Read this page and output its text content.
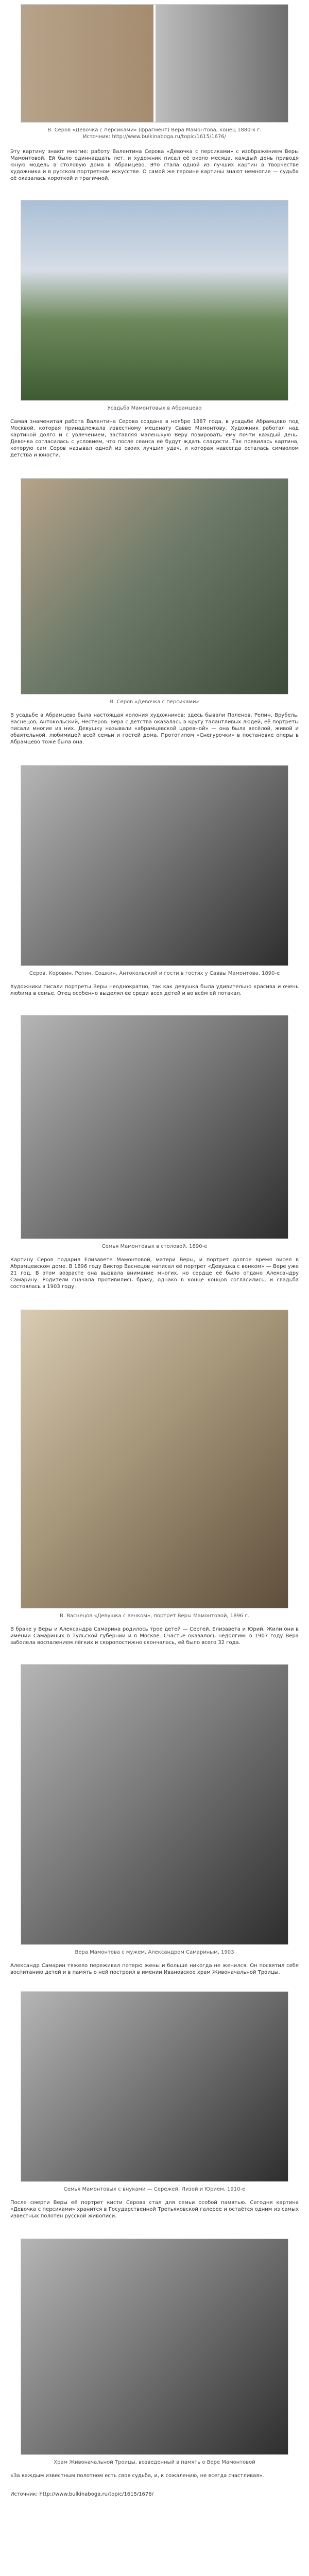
В. Серов «Девочка с персиками» (фрагмент) Вера Мамонтова, конец 1880-х г.
Источник: http://www.bulkinaboga.ru/topic/1615/1676/
Эту картину знают многие: работу Валентина Серова «Девочка с персиками» с изображением Веры Мамонтовой. Ей было одиннадцать лет, и художник писал её около месяца, каждый день приводя юную модель в столовую дома в Абрамцево. Это стала одной из лучших картин в творчестве художника и в русском портретном искусстве. О самой же героине картины знают немногие — судьба её оказалась короткой и трагичной.
Усадьба Мамонтовых в Абрамцево
Самая знаменитая работа Валентина Серова создана в ноябре 1887 года, в усадьбе Абрамцево под Москвой, которая принадлежала известному меценату Савве Мамонтову. Художник работал над картиной долго и с увлечением, заставляя маленькую Веру позировать ему почти каждый день. Девочка согласилась с условием, что после сеанса её будут ждать сладости. Так появилась картина, которую сам Серов называл одной из своих лучших удач, и которая навсегда осталась символом детства и юности.
В. Серов «Девочка с персиками»
В усадьбе в Абрамцево была настоящая колония художников: здесь бывали Поленов, Репин, Врубель, Васнецов, Антокольский, Нестеров. Вера с детства оказалась в кругу талантливых людей, её портреты писали многие из них. Девушку называли «абрамцевской царевной» — она была весёлой, живой и обаятельной, любимицей всей семьи и гостей дома. Прототипом «Снегурочки» в постановке оперы в Абрамцево тоже была она.
Серов, Коровин, Репин, Сошкин, Антокольский и гости в гостях у Саввы Мамонтова, 1890-е
Художники писали портреты Веры неоднократно, так как девушка была удивительно красива и очень любима в семье. Отец особенно выделял её среди всех детей и во всём ей потакал.
Семья Мамонтовых в столовой, 1890-е
Картину Серов подарил Елизавете Мамонтовой, матери Веры, и портрет долгое время висел в Абрамцевском доме. В 1896 году Виктор Васнецов написал её портрет «Девушка с венком» — Вере уже 21 год. В этом возрасте она вызвала внимание многих, но сердце её было отдано Александру Самарину. Родители сначала противились браку, однако в конце концов согласились, и свадьба состоялась в 1903 году.
В. Васнецов «Девушка с венком», портрет Веры Мамонтовой, 1896 г.
В браке у Веры и Александра Самарина родилось трое детей — Сергей, Елизавета и Юрий. Жили они в имении Самариных в Тульской губернии и в Москве. Счастье оказалось недолгим: в 1907 году Вера заболела воспалением лёгких и скоропостижно скончалась, ей было всего 32 года.
Вера Мамонтова с мужем, Александром Самариным, 1903
Александр Самарин тяжело переживал потерю жены и больше никогда не женился. Он посвятил себя воспитанию детей и в память о ней построил в имении Ивановское храм Живоначальной Троицы.
Семья Мамонтовых с внуками — Сережей, Лизой и Юрием, 1910-е
После смерти Веры её портрет кисти Серова стал для семьи особой памятью. Сегодня картина «Девочка с персиками» хранится в Государственной Третьяковской галерее и остаётся одним из самых известных полотен русской живописи.
Храм Живоначальной Троицы, возведенный в память о Вере Мамонтовой
«За каждым известным полотном есть своя судьба, и, к сожалению, не всегда счастливая».
Источник: http://www.bulkinaboga.ru/topic/1615/1676/
